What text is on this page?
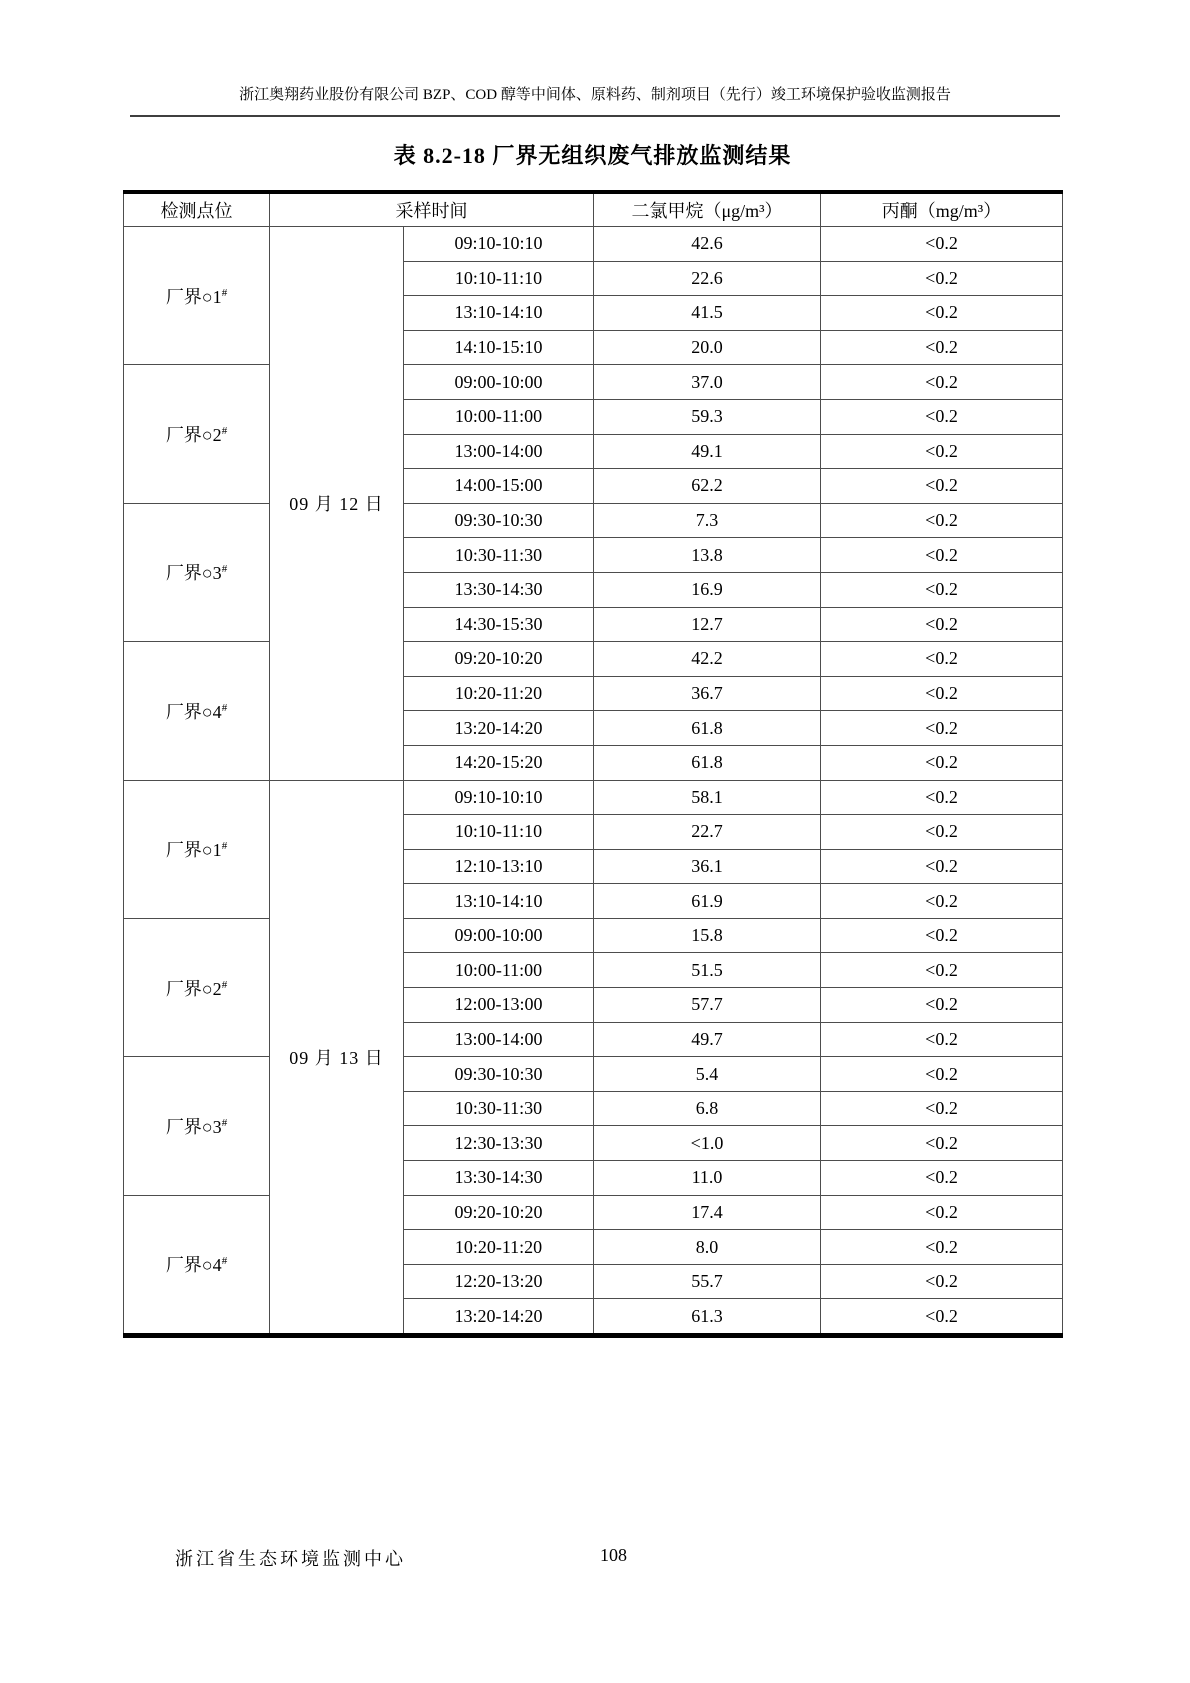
浙江奥翔药业股份有限公司 BZP、COD 醇等中间体、原料药、制剂项目（先行）竣工环境保护验收监测报告
表 8.2-18 厂界无组织废气排放监测结果
检测点位	采样时间		二氯甲烷（μg/m³）	丙酮（mg/m³）
厂界○1#	09 月 12 日	09:10-10:10	42.6	<0.2
		10:10-11:10	22.6	<0.2
		13:10-14:10	41.5	<0.2
		14:10-15:10	20.0	<0.2
厂界○2#		09:00-10:00	37.0	<0.2
		10:00-11:00	59.3	<0.2
		13:00-14:00	49.1	<0.2
		14:00-15:00	62.2	<0.2
厂界○3#		09:30-10:30	7.3	<0.2
		10:30-11:30	13.8	<0.2
		13:30-14:30	16.9	<0.2
		14:30-15:30	12.7	<0.2
厂界○4#		09:20-10:20	42.2	<0.2
		10:20-11:20	36.7	<0.2
		13:20-14:20	61.8	<0.2
		14:20-15:20	61.8	<0.2
厂界○1#	09 月 13 日	09:10-10:10	58.1	<0.2
		10:10-11:10	22.7	<0.2
		12:10-13:10	36.1	<0.2
		13:10-14:10	61.9	<0.2
厂界○2#		09:00-10:00	15.8	<0.2
		10:00-11:00	51.5	<0.2
		12:00-13:00	57.7	<0.2
		13:00-14:00	49.7	<0.2
厂界○3#		09:30-10:30	5.4	<0.2
		10:30-11:30	6.8	<0.2
		12:30-13:30	<1.0	<0.2
		13:30-14:30	11.0	<0.2
厂界○4#		09:20-10:20	17.4	<0.2
		10:20-11:20	8.0	<0.2
		12:20-13:20	55.7	<0.2
		13:20-14:20	61.3	<0.2
浙江省生态环境监测中心	108
